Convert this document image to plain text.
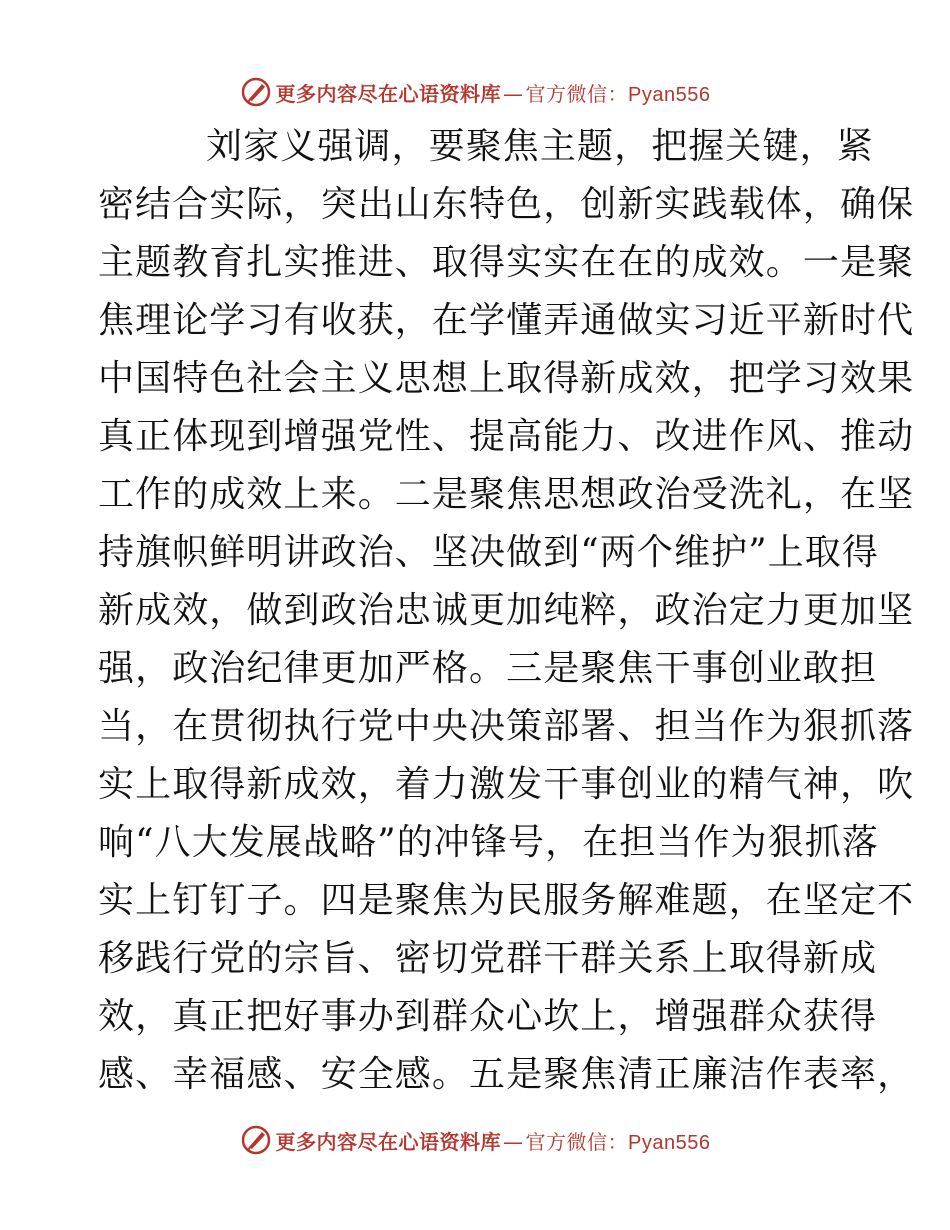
更多内容尽在心语资料库 — 官方微信：Pyan556
刘家义强调，要聚焦主题，把握关键，紧
密结合实际，突出山东特色，创新实践载体，确保
主题教育扎实推进、取得实实在在的成效。一是聚
焦理论学习有收获，在学懂弄通做实习近平新时代
中国特色社会主义思想上取得新成效，把学习效果
真正体现到增强党性、提高能力、改进作风、推动
工作的成效上来。二是聚焦思想政治受洗礼，在坚
持旗帜鲜明讲政治、坚决做到“两个维护”上取得
新成效，做到政治忠诚更加纯粹，政治定力更加坚
强，政治纪律更加严格。三是聚焦干事创业敢担
当，在贯彻执行党中央决策部署、担当作为狠抓落
实上取得新成效，着力激发干事创业的精气神，吹
响“八大发展战略”的冲锋号，在担当作为狠抓落
实上钉钉子。四是聚焦为民服务解难题，在坚定不
移践行党的宗旨、密切党群干群关系上取得新成
效，真正把好事办到群众心坎上，增强群众获得
感、幸福感、安全感。五是聚焦清正廉洁作表率，
更多内容尽在心语资料库 — 官方微信：Pyan556
